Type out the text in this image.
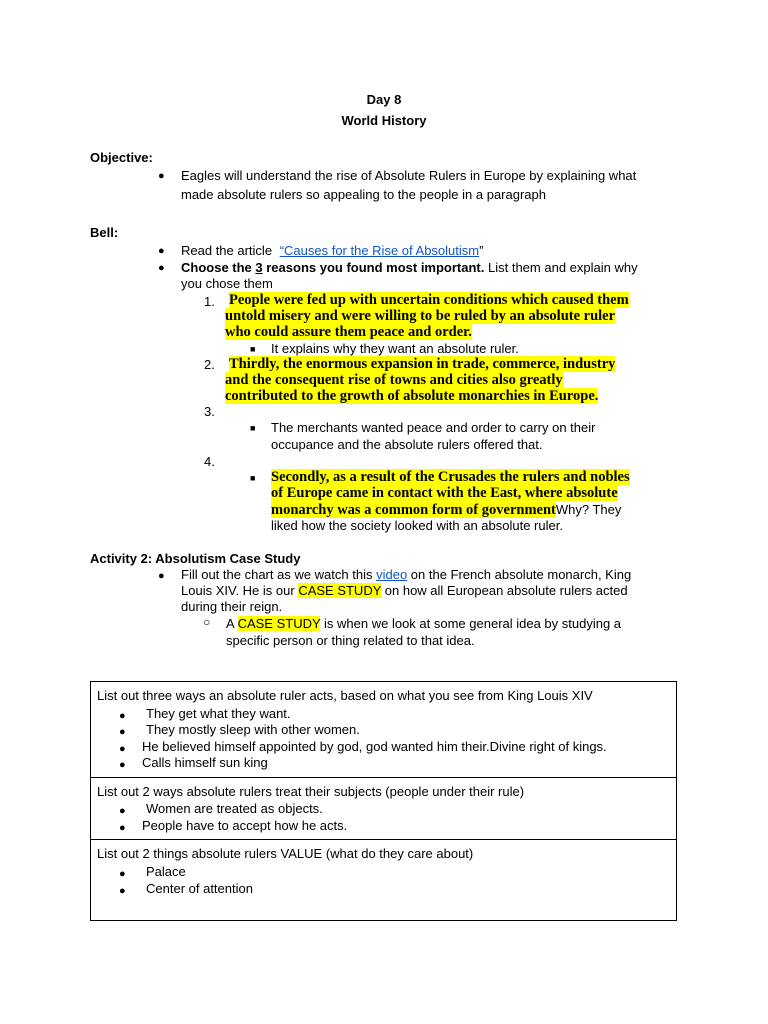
Day 8
World History
Objective:
● Eagles will understand the rise of Absolute Rulers in Europe by explaining what
made absolute rulers so appealing to the people in a paragraph
Bell:
● Read the article “Causes for the Rise of Absolutism”
● Choose the 3 reasons you found most important. List them and explain why
you chose them
1. People were fed up with uncertain conditions which caused them
untold misery and were willing to be ruled by an absolute ruler
who could assure them peace and order.
■ It explains why they want an absolute ruler.
2. Thirdly, the enormous expansion in trade, commerce, industry
and the consequent rise of towns and cities also greatly
contributed to the growth of absolute monarchies in Europe.
3.
■ The merchants wanted peace and order to carry on their
occupance and the absolute rulers offered that.
4.
■ Secondly, as a result of the Crusades the rulers and nobles
of Europe came in contact with the East, where absolute
monarchy was a common form of governmentWhy? They
liked how the society looked with an absolute ruler.
Activity 2: Absolutism Case Study
● Fill out the chart as we watch this video on the French absolute monarch, King
Louis XIV. He is our CASE STUDY on how all European absolute rulers acted
during their reign.
○ A CASE STUDY is when we look at some general idea by studying a
specific person or thing related to that idea.
List out three ways an absolute ruler acts, based on what you see from King Louis XIV
● They get what they want.
● They mostly sleep with other women.
● He believed himself appointed by god, god wanted him their.Divine right of kings.
● Calls himself sun king
List out 2 ways absolute rulers treat their subjects (people under their rule)
● Women are treated as objects.
● People have to accept how he acts.
List out 2 things absolute rulers VALUE (what do they care about)
● Palace
● Center of attention
